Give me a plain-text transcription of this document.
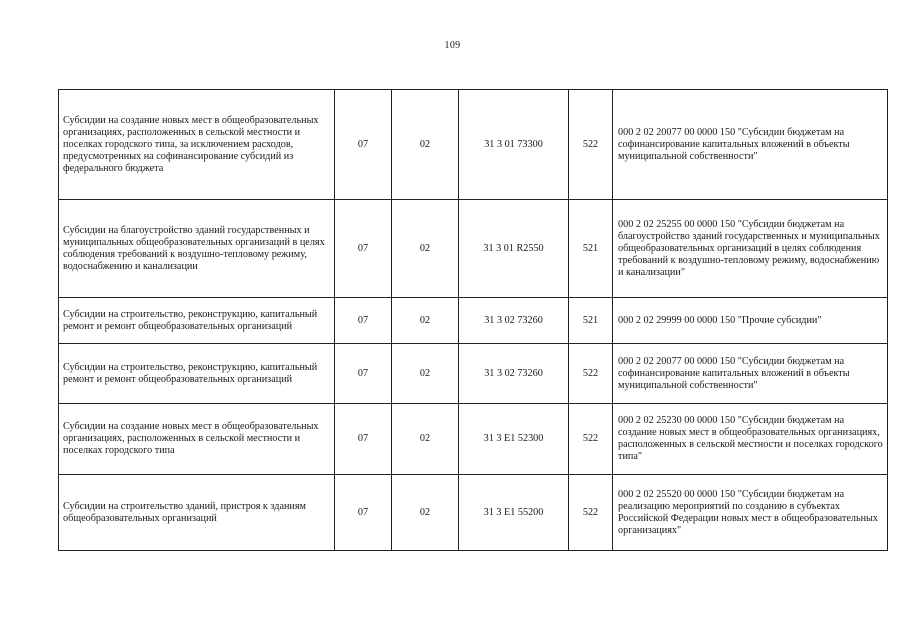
109
Субсидии на создание новых мест в общеобразовательных организациях, расположенных в сельской местности и поселках городского типа, за исключением расходов, предусмотренных на софинансирование субсидий из федерального бюджета	07	02	31 3 01 73300	522	000 2 02 20077 00 0000 150 "Субсидии бюджетам на софинансирование капитальных вложений в объекты муниципальной собственности"
Субсидии на благоустройство зданий государственных и муниципальных общеобразовательных организаций в целях соблюдения требований к воздушно-тепловому режиму, водоснабжению и канализации	07	02	31 3 01 R2550	521	000 2 02 25255 00 0000 150 "Субсидии бюджетам на благоустройство зданий государственных и муниципальных общеобразовательных организаций в целях соблюдения требований к воздушно-тепловому режиму, водоснабжению и канализации"
Субсидии на строительство, реконструкцию, капитальный ремонт и ремонт общеобразовательных организаций	07	02	31 3 02 73260	521	000 2 02 29999 00 0000 150 "Прочие субсидии"
Субсидии на строительство, реконструкцию, капитальный ремонт и ремонт общеобразовательных организаций	07	02	31 3 02 73260	522	000 2 02 20077 00 0000 150 "Субсидии бюджетам на софинансирование капитальных вложений в объекты муниципальной собственности"
Субсидии на создание новых мест в общеобразовательных организациях, расположенных в сельской местности и поселках городского типа	07	02	31 3 E1 52300	522	000 2 02 25230 00 0000 150 "Субсидии бюджетам на создание новых мест в общеобразовательных организациях, расположенных в сельской местности и поселках городского типа"
Субсидии на строительство зданий, пристроя к зданиям общеобразовательных организаций	07	02	31 3 E1 55200	522	000 2 02 25520 00 0000 150 "Субсидии бюджетам на реализацию мероприятий по созданию в субъектах Российской Федерации новых мест в общеобразовательных организациях"
